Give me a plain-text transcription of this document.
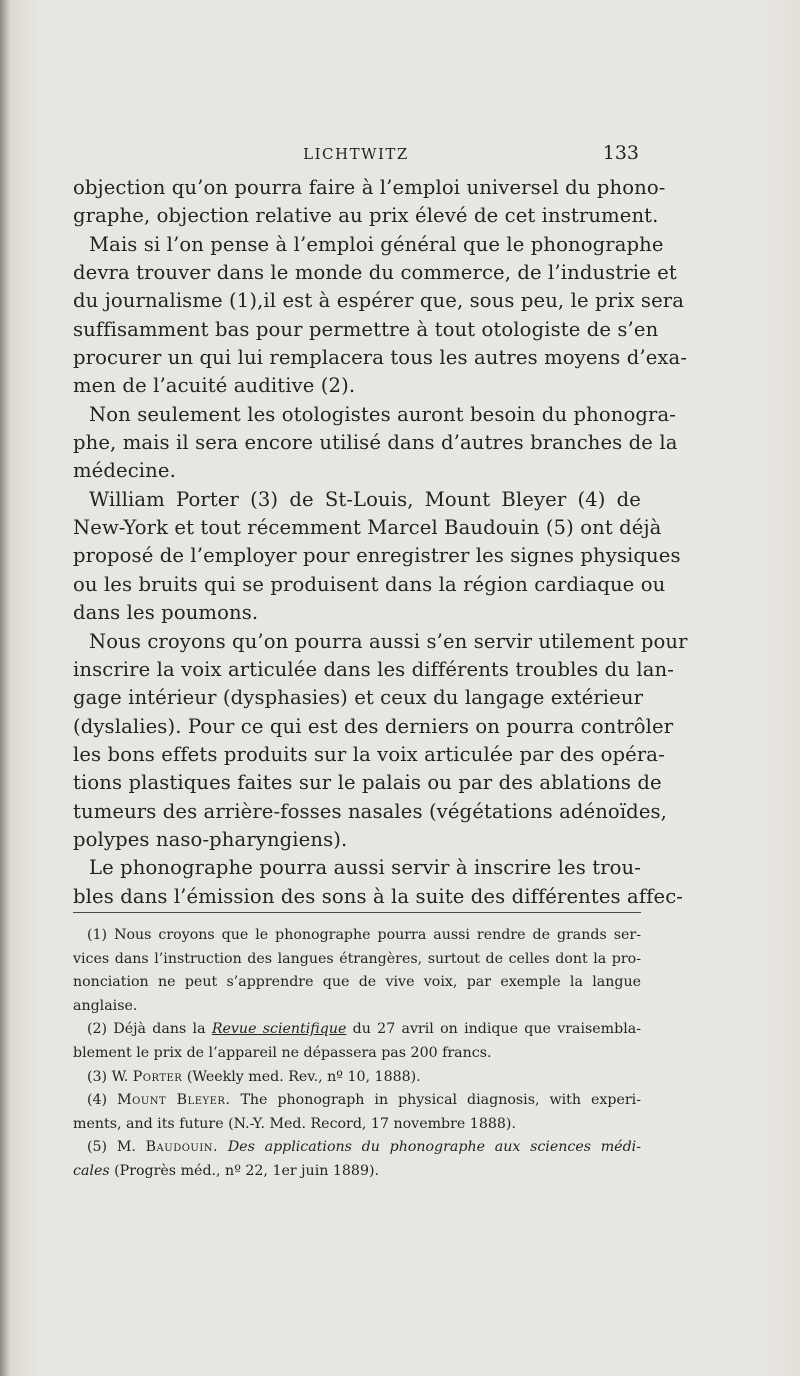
LICHTWITZ	133
objection qu’on pourra faire à l’emploi universel du phono-
graphe, objection relative au prix élevé de cet instrument.
Mais si l’on pense à l’emploi général que le phonographe
devra trouver dans le monde du commerce, de l’industrie et
du journalisme (1),il est à espérer que, sous peu, le prix sera
suffisamment bas pour permettre à tout otologiste de s’en
procurer un qui lui remplacera tous les autres moyens d’exa-
men de l’acuité auditive (2).
Non seulement les otologistes auront besoin du phonogra-
phe, mais il sera encore utilisé dans d’autres branches de la
médecine.
William Porter (3) de St-Louis, Mount Bleyer (4) de
New-York et tout récemment Marcel Baudouin (5) ont déjà
proposé de l’employer pour enregistrer les signes physiques
ou les bruits qui se produisent dans la région cardiaque ou
dans les poumons.
Nous croyons qu’on pourra aussi s’en servir utilement pour
inscrire la voix articulée dans les différents troubles du lan-
gage intérieur (dysphasies) et ceux du langage extérieur
(dyslalies). Pour ce qui est des derniers on pourra contrôler
les bons effets produits sur la voix articulée par des opéra-
tions plastiques faites sur le palais ou par des ablations de
tumeurs des arrière-fosses nasales (végétations adénoïdes,
polypes naso-pharyngiens).
Le phonographe pourra aussi servir à inscrire les trou-
bles dans l’émission des sons à la suite des différentes affec-
(1) Nous croyons que le phonographe pourra aussi rendre de grands ser-
vices dans l’instruction des langues étrangères, surtout de celles dont la pro-
nonciation ne peut s’apprendre que de vive voix, par exemple la langue
anglaise.
(2) Déjà dans la Revue scientifique du 27 avril on indique que vraisembla-
blement le prix de l’appareil ne dépassera pas 200 francs.
(3) W. Porter (Weekly med. Rev., nº 10, 1888).
(4) Mount Bleyer. The phonograph in physical diagnosis, with experi-
ments, and its future (N.-Y. Med. Record, 17 novembre 1888).
(5) M. Baudouin. Des applications du phonographe aux sciences médi-
cales (Progrès méd., nº 22, 1er juin 1889).
